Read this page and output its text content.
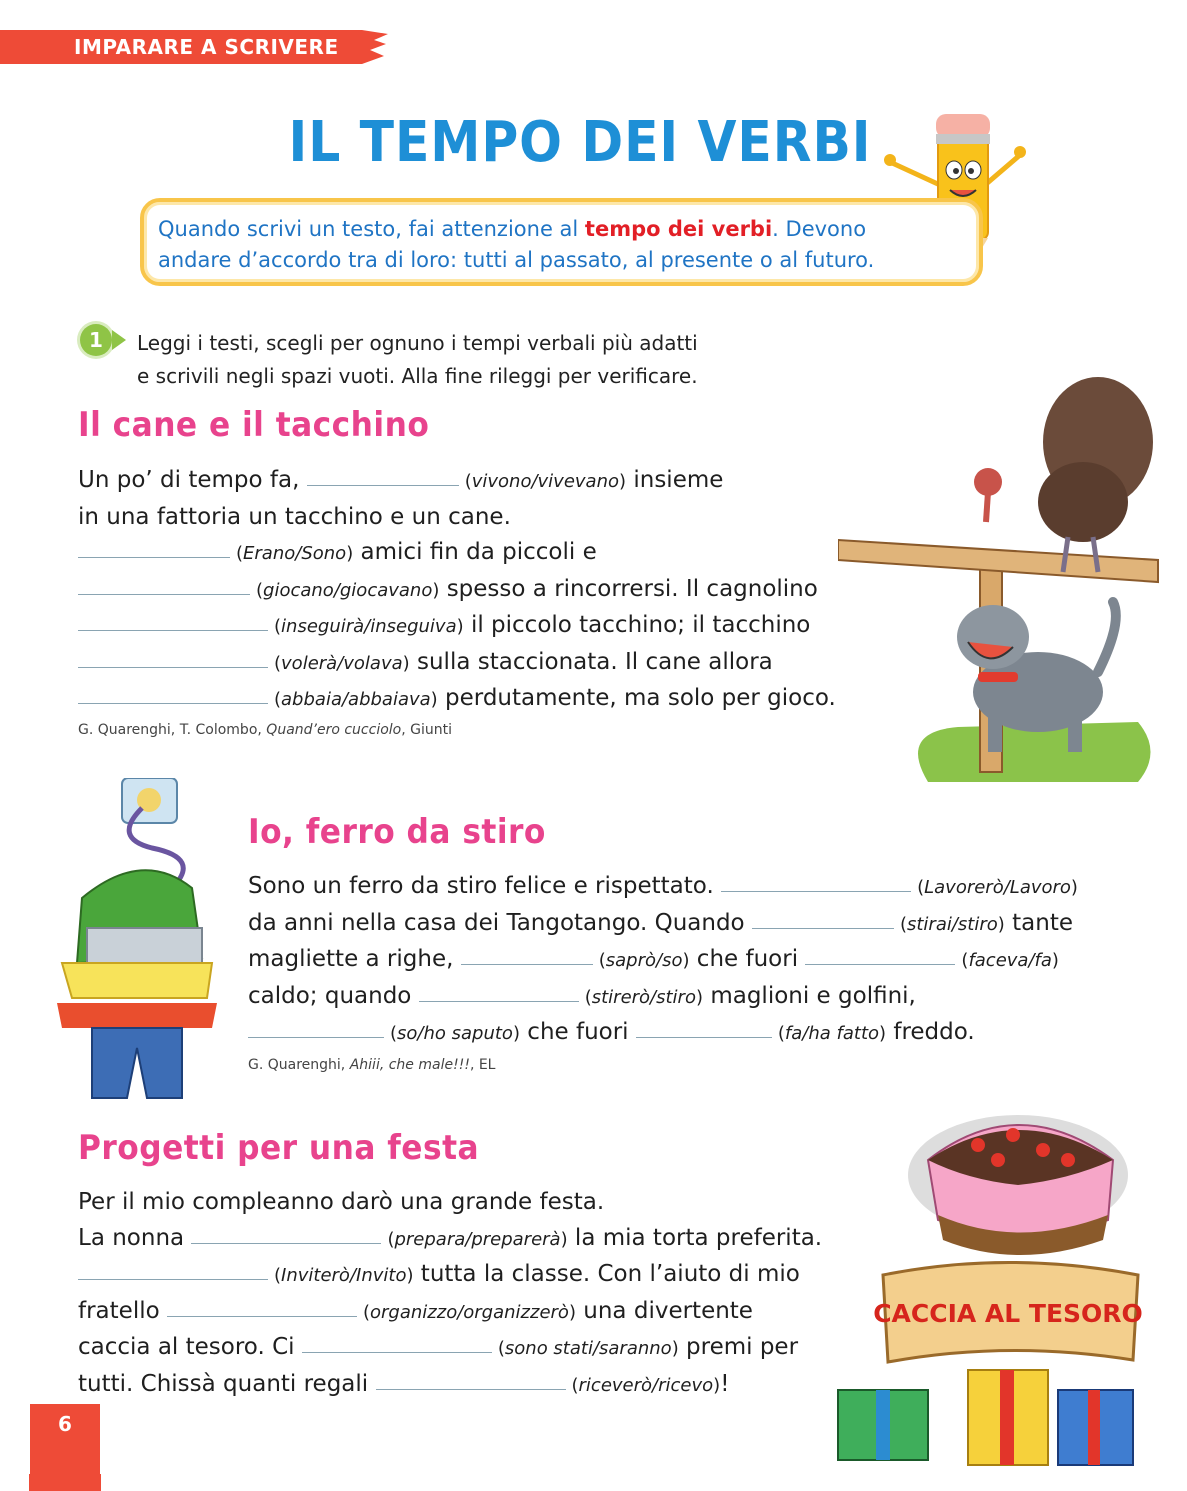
IMPARARE A SCRIVERE
IL TEMPO DEI VERBI
Quando scrivi un testo, fai attenzione al tempo dei verbi. Devono
andare d’accordo tra di loro: tutti al passato, al presente o al futuro.
1	Leggi i testi, scegli per ognuno i tempi verbali più adatti
e scrivili negli spazi vuoti. Alla fine rileggi per verificare.
Il cane e il tacchino
Un po’ di tempo fa,	(vivono/vivevano) insieme
in una fattoria un tacchino e un cane.
(Erano/Sono) amici fin da piccoli e
(giocano/giocavano) spesso a rincorrersi. Il cagnolino
(inseguirà/inseguiva) il piccolo tacchino; il tacchino
(volerà/volava) sulla staccionata. Il cane allora
(abbaia/abbaiava) perdutamente, ma solo per gioco.
G. Quarenghi, T. Colombo, Quand’ero cucciolo, Giunti
Io, ferro da stiro
Sono un ferro da stiro felice e rispettato.	(Lavorerò/Lavoro)
da anni nella casa dei Tangotango. Quando	(stirai/stiro) tante
magliette a righe,	(saprò/so) che fuori	(faceva/fa)
caldo; quando	(stirerò/stiro) maglioni e golfini,
(so/ho saputo) che fuori	(fa/ha fatto) freddo.
G. Quarenghi, Ahiii, che male!!!, EL
Progetti per una festa
Per il mio compleanno darò una grande festa.
La nonna	(prepara/preparerà) la mia torta preferita.
(Inviterò/Invito) tutta la classe. Con l’aiuto di mio
fratello	(organizzo/organizzerò) una divertente
caccia al tesoro. Ci	(sono stati/saranno) premi per
tutti. Chissà quanti regali	(riceverò/ricevo)!
CACCIA AL TESORO
6
